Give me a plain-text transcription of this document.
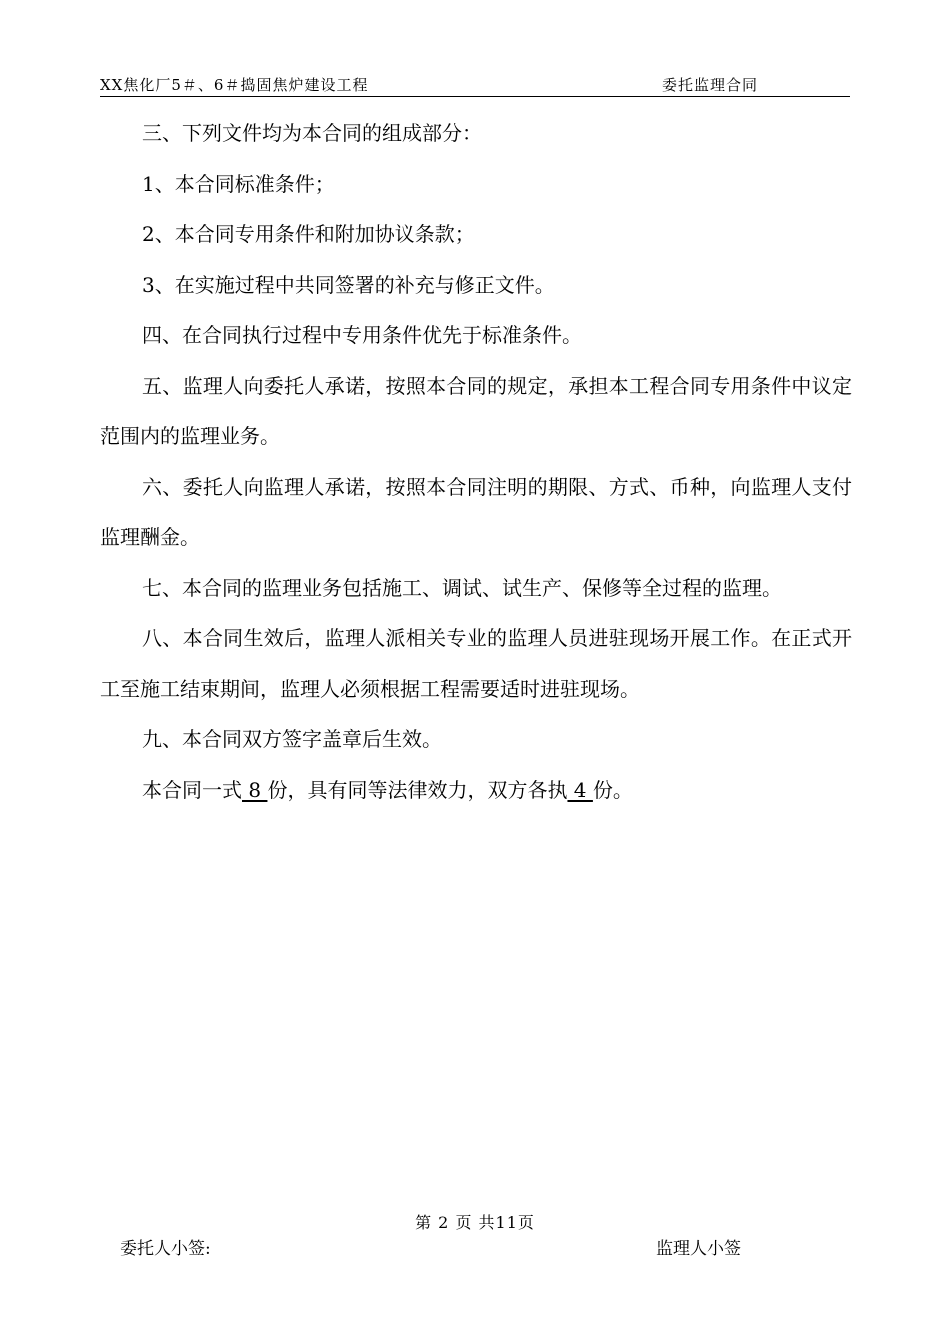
XX焦化厂5＃、6＃捣固焦炉建设工程	委托监理合同

三、下列文件均为本合同的组成部分：

1、本合同标准条件；

2、本合同专用条件和附加协议条款；

3、在实施过程中共同签署的补充与修正文件。

四、在合同执行过程中专用条件优先于标准条件。

五、监理人向委托人承诺，按照本合同的规定，承担本工程合同专用条件中议定范围内的监理业务。

六、委托人向监理人承诺，按照本合同注明的期限、方式、币种，向监理人支付监理酬金。

七、本合同的监理业务包括施工、调试、试生产、保修等全过程的监理。

八、本合同生效后，监理人派相关专业的监理人员进驻现场开展工作。在正式开工至施工结束期间，监理人必须根据工程需要适时进驻现场。

九、本合同双方签字盖章后生效。

本合同一式 8 份，具有同等法律效力，双方各执 4 份。

第 2 页 共11页
委托人小签:	监理人小签
